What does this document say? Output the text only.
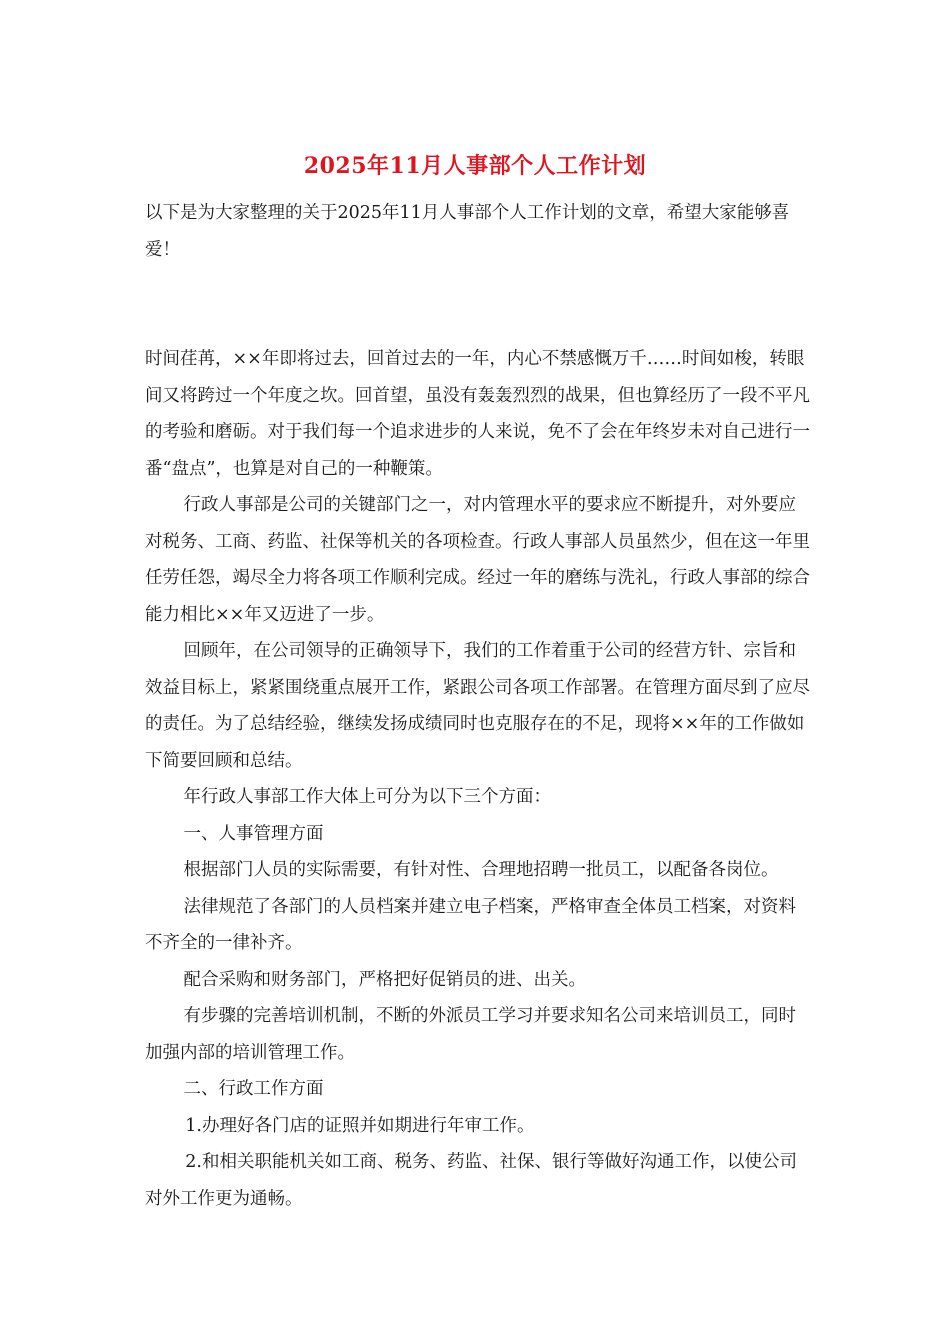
2025年11月人事部个人工作计划

以下是为大家整理的关于2025年11月人事部个人工作计划的文章，希望大家能够喜爱！

时间荏苒，××年即将过去，回首过去的一年，内心不禁感慨万千……时间如梭，转眼间又将跨过一个年度之坎。回首望，虽没有轰轰烈烈的战果，但也算经历了一段不平凡的考验和磨砺。对于我们每一个追求进步的人来说，免不了会在年终岁未对自己进行一番“盘点”，也算是对自己的一种鞭策。

行政人事部是公司的关键部门之一，对内管理水平的要求应不断提升，对外要应对税务、工商、药监、社保等机关的各项检查。行政人事部人员虽然少，但在这一年里任劳任怨，竭尽全力将各项工作顺利完成。经过一年的磨练与洗礼，行政人事部的综合能力相比××年又迈进了一步。

回顾年，在公司领导的正确领导下，我们的工作着重于公司的经营方针、宗旨和效益目标上，紧紧围绕重点展开工作，紧跟公司各项工作部署。在管理方面尽到了应尽的责任。为了总结经验，继续发扬成绩同时也克服存在的不足，现将××年的工作做如下简要回顾和总结。

年行政人事部工作大体上可分为以下三个方面：

一、人事管理方面

根据部门人员的实际需要，有针对性、合理地招聘一批员工，以配备各岗位。

法律规范了各部门的人员档案并建立电子档案，严格审查全体员工档案，对资料不齐全的一律补齐。

配合采购和财务部门，严格把好促销员的进、出关。

有步骤的完善培训机制，不断的外派员工学习并要求知名公司来培训员工，同时加强内部的培训管理工作。

二、行政工作方面

1.办理好各门店的证照并如期进行年审工作。

2.和相关职能机关如工商、税务、药监、社保、银行等做好沟通工作，以使公司对外工作更为通畅。
